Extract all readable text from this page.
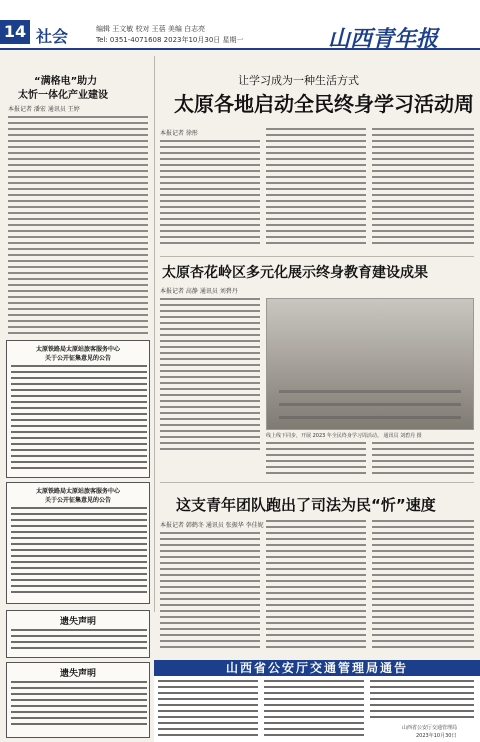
14 社会	编辑 王文敏 校对 王蓓 美编 白志亮
Tel: 0351-4071608 2023年10月30日 星期一	山西青年报
“满格电”助力
太忻一体化产业建设
本报记者 潘宏 通讯员 王婷
太原铁路局太原站旅客服务中心
关于公开征集意见的公告
太原铁路局太原站旅客服务中心
关于公开征集意见的公告
遗失声明
遗失声明
让学习成为一种生活方式
太原各地启动全民终身学习活动周
本报记者 徐彤
太原杏花岭区多元化展示终身教育建设成果
本报记者 高静 通讯员 刘碧丹
线上线下同步，开展 2023 年全民终身学习周活动。 通讯员 刘碧丹 摄
这支青年团队跑出了司法为民“忻”速度
本报记者 韩鹤冬 通讯员 张振华 李佳妮
山西省公安厅交通管理局通告
山西省公安厅交通管理局
2023年10月30日
